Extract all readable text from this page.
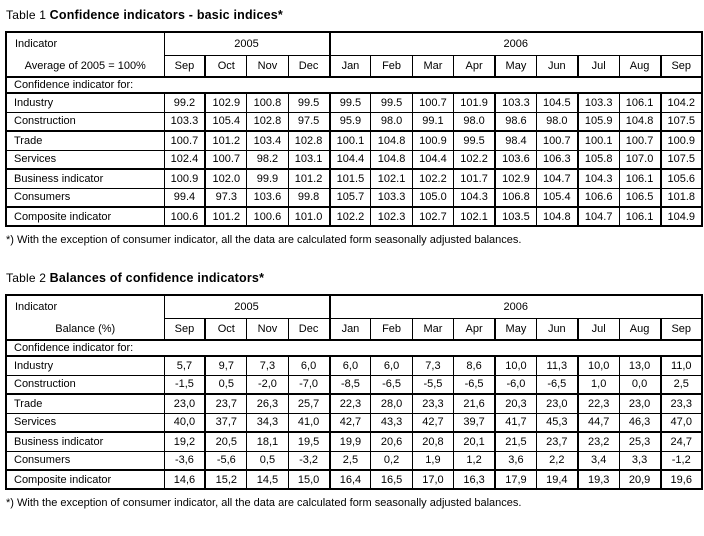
Table 1 Confidence indicators - basic indices*
Indicator
Average of 2005 = 100%	2005				2006								
	Sep	Oct	Nov	Dec	Jan	Feb	Mar	Apr	May	Jun	Jul	Aug	Sep
Confidence indicator for:													
Industry	99.2	102.9	100.8	99.5	99.5	99.5	100.7	101.9	103.3	104.5	103.3	106.1	104.2
Construction	103.3	105.4	102.8	97.5	95.9	98.0	99.1	98.0	98.6	98.0	105.9	104.8	107.5
Trade	100.7	101.2	103.4	102.8	100.1	104.8	100.9	99.5	98.4	100.7	100.1	100.7	100.9
Services	102.4	100.7	98.2	103.1	104.4	104.8	104.4	102.2	103.6	106.3	105.8	107.0	107.5
Business indicator	100.9	102.0	99.9	101.2	101.5	102.1	102.2	101.7	102.9	104.7	104.3	106.1	105.6
Consumers	99.4	97.3	103.6	99.8	105.7	103.3	105.0	104.3	106.8	105.4	106.6	106.5	101.8
Composite indicator	100.6	101.2	100.6	101.0	102.2	102.3	102.7	102.1	103.5	104.8	104.7	106.1	104.9
*) With the exception of consumer indicator, all the data are calculated form seasonally adjusted balances.
Table 2 Balances of confidence indicators*
Indicator
Balance (%)	2005				2006								
	Sep	Oct	Nov	Dec	Jan	Feb	Mar	Apr	May	Jun	Jul	Aug	Sep
Confidence indicator for:													
Industry	5,7	9,7	7,3	6,0	6,0	6,0	7,3	8,6	10,0	11,3	10,0	13,0	11,0
Construction	-1,5	0,5	-2,0	-7,0	-8,5	-6,5	-5,5	-6,5	-6,0	-6,5	1,0	0,0	2,5
Trade	23,0	23,7	26,3	25,7	22,3	28,0	23,3	21,6	20,3	23,0	22,3	23,0	23,3
Services	40,0	37,7	34,3	41,0	42,7	43,3	42,7	39,7	41,7	45,3	44,7	46,3	47,0
Business indicator	19,2	20,5	18,1	19,5	19,9	20,6	20,8	20,1	21,5	23,7	23,2	25,3	24,7
Consumers	-3,6	-5,6	0,5	-3,2	2,5	0,2	1,9	1,2	3,6	2,2	3,4	3,3	-1,2
Composite indicator	14,6	15,2	14,5	15,0	16,4	16,5	17,0	16,3	17,9	19,4	19,3	20,9	19,6
*) With the exception of consumer indicator, all the data are calculated form seasonally adjusted balances.
